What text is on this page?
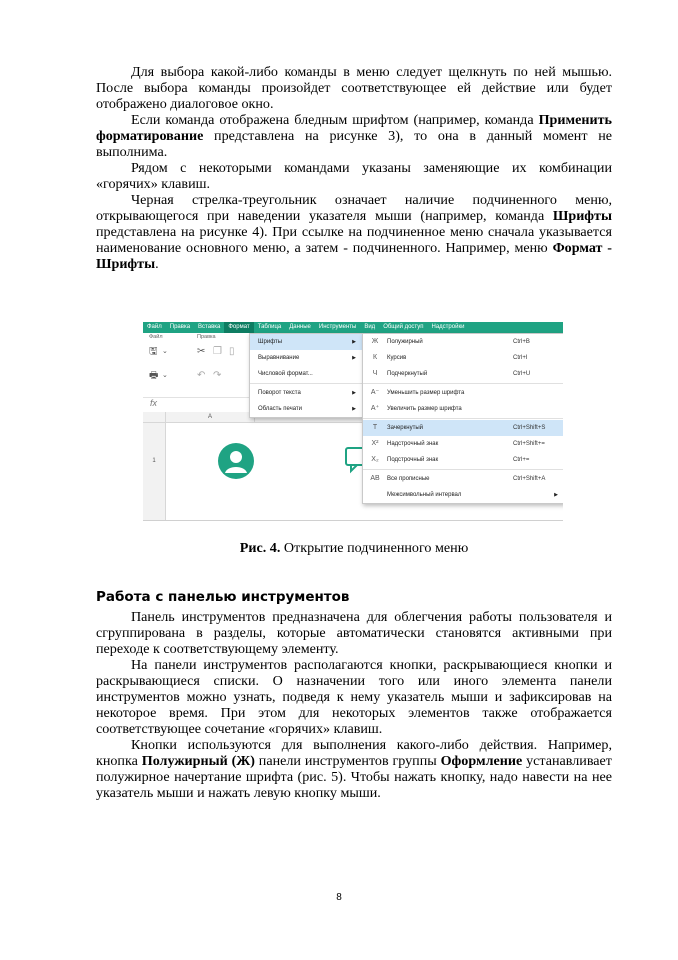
Для выбора какой-либо команды в меню следует щелкнуть по ней мышью. После выбора команды произойдет соответствующее ей действие или будет отображено диалоговое окно.

Если команда отображена бледным шрифтом (например, команда Применить форматирование представлена на рисунке 3), то она в данный момент не выполнима.

Рядом с некоторыми командами указаны заменяющие их комбинации «горячих» клавиш.

Черная стрелка-треугольник означает наличие подчиненного меню, открывающегося при наведении указателя мыши (например, команда Шрифты представлена на рисунке 4). При ссылке на подчиненное меню сначала указывается наименование основного меню, а затем - подчиненного. Например, меню Формат - Шрифты.

Файл Правка Вставка Формат Таблица Данные Инструменты Вид Общий доступ Надстройки
Файл	Правка
🖫 ⌄
🖶 ⌄
✂ ❐ ▯
↶ ↷
fx
A
1
Шрифты	▶
Выравнивание	▶
Числовой формат...
Поворот текста	▶
Область печати	▶
Ж	Полужирный	Ctrl+B
К	Курсив	Ctrl+I
Ч	Подчеркнутый	Ctrl+U
A⁻	Уменьшить размер шрифта
A⁺	Увеличить размер шрифта
Т	Зачеркнутый	Ctrl+Shift+S
X²	Надстрочный знак	Ctrl+Shift+=
X₂	Подстрочный знак	Ctrl+=
AB Все прописные	Ctrl+Shift+A
Межсимвольный интервал	▶
Рис. 4. Открытие подчиненного меню
Работа с панелью инструментов

Панель инструментов предназначена для облегчения работы пользователя и сгруппирована в разделы, которые автоматически становятся активными при переходе к соответствующему элементу.

На панели инструментов располагаются кнопки, раскрывающиеся кнопки и раскрывающиеся списки. О назначении того или иного элемента панели инструментов можно узнать, подведя к нему указатель мыши и зафиксировав на некоторое время. При этом для некоторых элементов также отображается соответствующее сочетание «горячих» клавиш.

Кнопки используются для выполнения какого-либо действия. Например, кнопка Полужирный (Ж) панели инструментов группы Оформление устанавливает полужирное начертание шрифта (рис. 5). Чтобы нажать кнопку, надо навести на нее указатель мыши и нажать левую кнопку мыши.

8
